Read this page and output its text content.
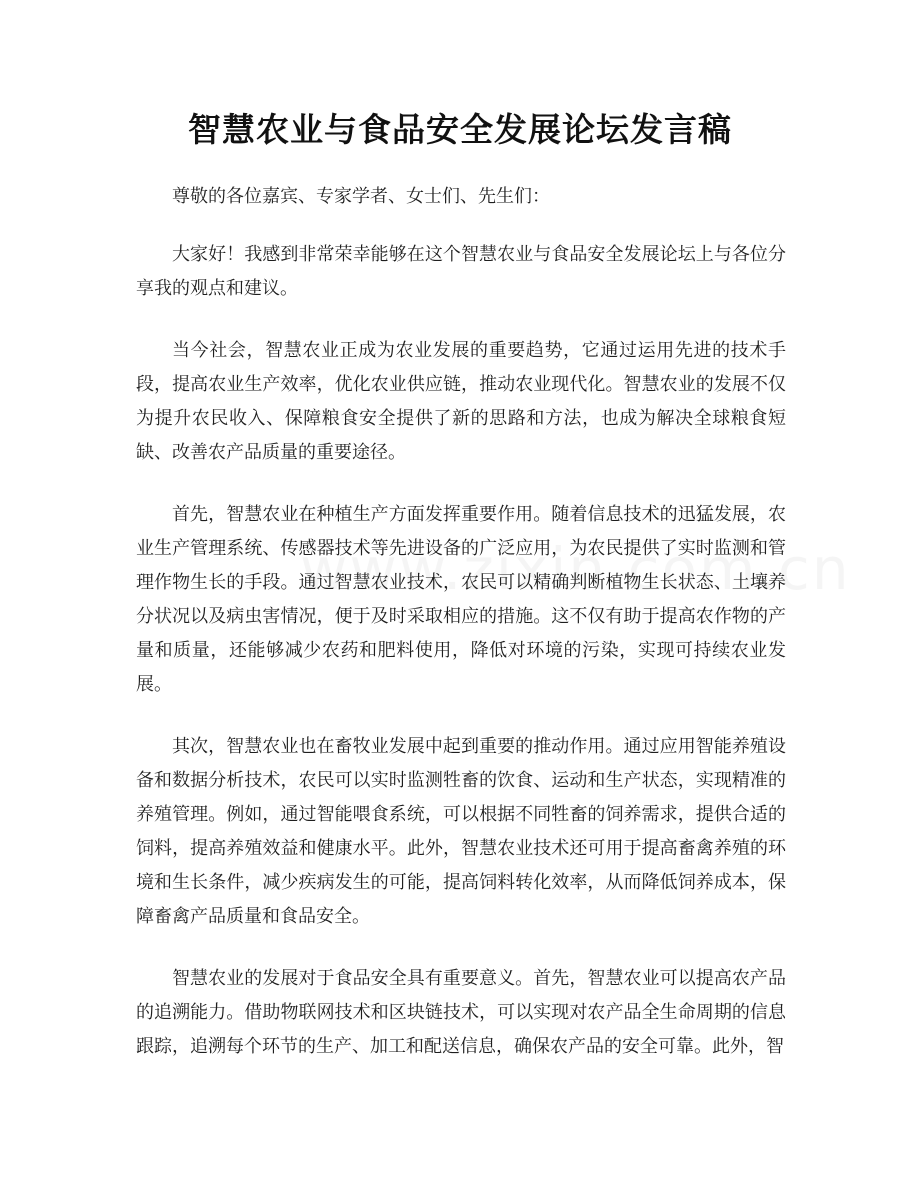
智慧农业与食品安全发展论坛发言稿

尊敬的各位嘉宾、专家学者、女士们、先生们：

大家好！我感到非常荣幸能够在这个智慧农业与食品安全发展论坛上与各位分享我的观点和建议。

当今社会，智慧农业正成为农业发展的重要趋势，它通过运用先进的技术手段，提高农业生产效率，优化农业供应链，推动农业现代化。智慧农业的发展不仅为提升农民收入、保障粮食安全提供了新的思路和方法，也成为解决全球粮食短缺、改善农产品质量的重要途径。

首先，智慧农业在种植生产方面发挥重要作用。随着信息技术的迅猛发展，农业生产管理系统、传感器技术等先进设备的广泛应用，为农民提供了实时监测和管理作物生长的手段。通过智慧农业技术，农民可以精确判断植物生长状态、土壤养分状况以及病虫害情况，便于及时采取相应的措施。这不仅有助于提高农作物的产量和质量，还能够减少农药和肥料使用，降低对环境的污染，实现可持续农业发展。

其次，智慧农业也在畜牧业发展中起到重要的推动作用。通过应用智能养殖设备和数据分析技术，农民可以实时监测牲畜的饮食、运动和生产状态，实现精准的养殖管理。例如，通过智能喂食系统，可以根据不同牲畜的饲养需求，提供合适的饲料，提高养殖效益和健康水平。此外，智慧农业技术还可用于提高畜禽养殖的环境和生长条件，减少疾病发生的可能，提高饲料转化效率，从而降低饲养成本，保障畜禽产品质量和食品安全。

智慧农业的发展对于食品安全具有重要意义。首先，智慧农业可以提高农产品的追溯能力。借助物联网技术和区块链技术，可以实现对农产品全生命周期的信息跟踪，追溯每个环节的生产、加工和配送信息，确保农产品的安全可靠。此外，智
